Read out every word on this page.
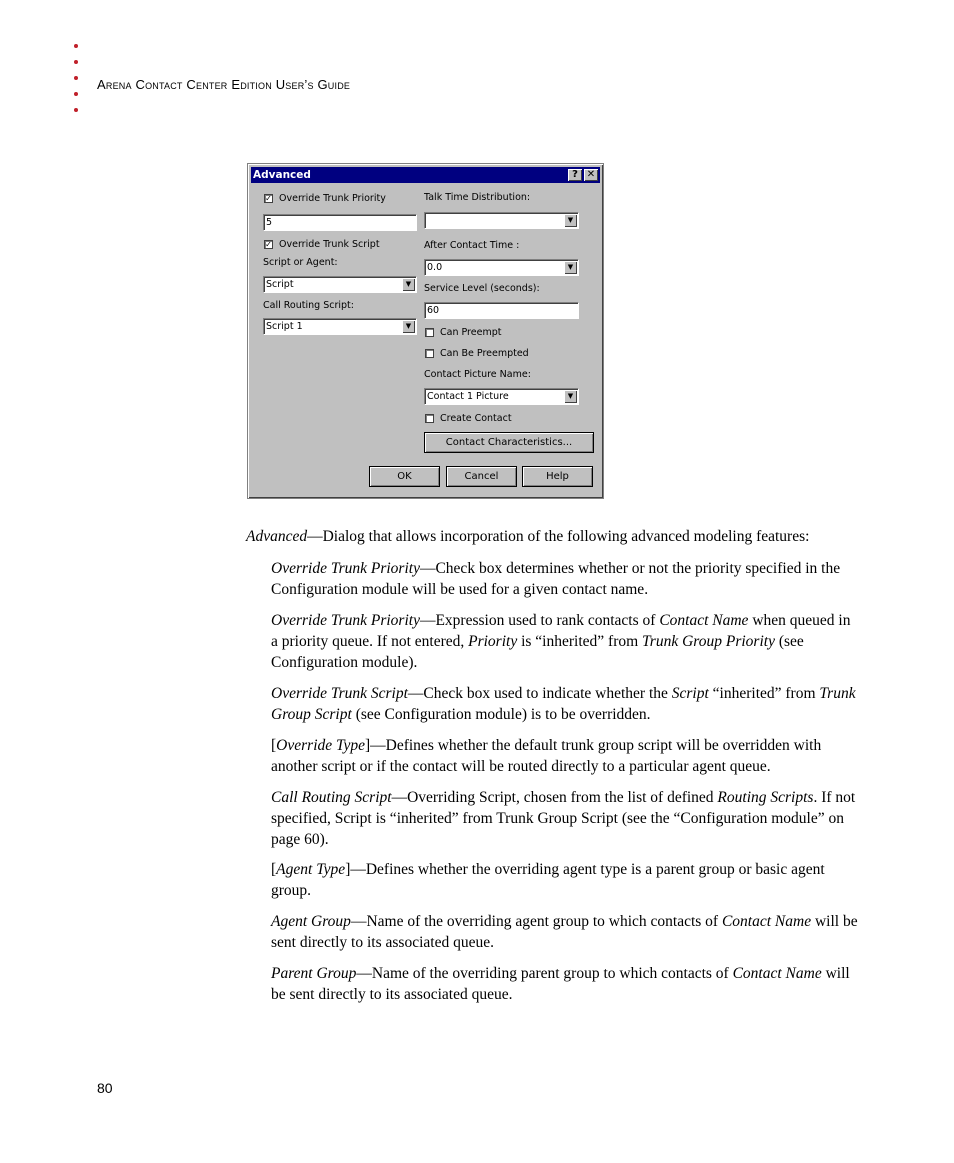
Arena Contact Center Edition User’s Guide
Advanced	? ✕
✓ Override Trunk Priority
5
✓ Override Trunk Script
Script or Agent:
Script	▼
Call Routing Script:
Script 1	▼
Talk Time Distribution:
▼
After Contact Time :
0.0	▼
Service Level (seconds):
60
Can Preempt
Can Be Preempted
Contact Picture Name:
Contact 1 Picture	▼
Create Contact
Contact Characteristics...
OK	Cancel	Help
Advanced—Dialog that allows incorporation of the following advanced modeling features:
Override Trunk Priority—Check box determines whether or not the priority specified in the Configuration module will be used for a given contact name.
Override Trunk Priority—Expression used to rank contacts of Contact Name when queued in a priority queue. If not entered, Priority is “inherited” from Trunk Group Priority (see Configuration module).
Override Trunk Script—Check box used to indicate whether the Script “inherited” from Trunk Group Script (see Configuration module) is to be overridden.
[Override Type]—Defines whether the default trunk group script will be overridden with another script or if the contact will be routed directly to a particular agent queue.
Call Routing Script—Overriding Script, chosen from the list of defined Routing Scripts. If not specified, Script is “inherited” from Trunk Group Script (see the “Configuration module” on page 60).
[Agent Type]—Defines whether the overriding agent type is a parent group or basic agent group.
Agent Group—Name of the overriding agent group to which contacts of Contact Name will be sent directly to its associated queue.
Parent Group—Name of the overriding parent group to which contacts of Contact Name will be sent directly to its associated queue.
80
